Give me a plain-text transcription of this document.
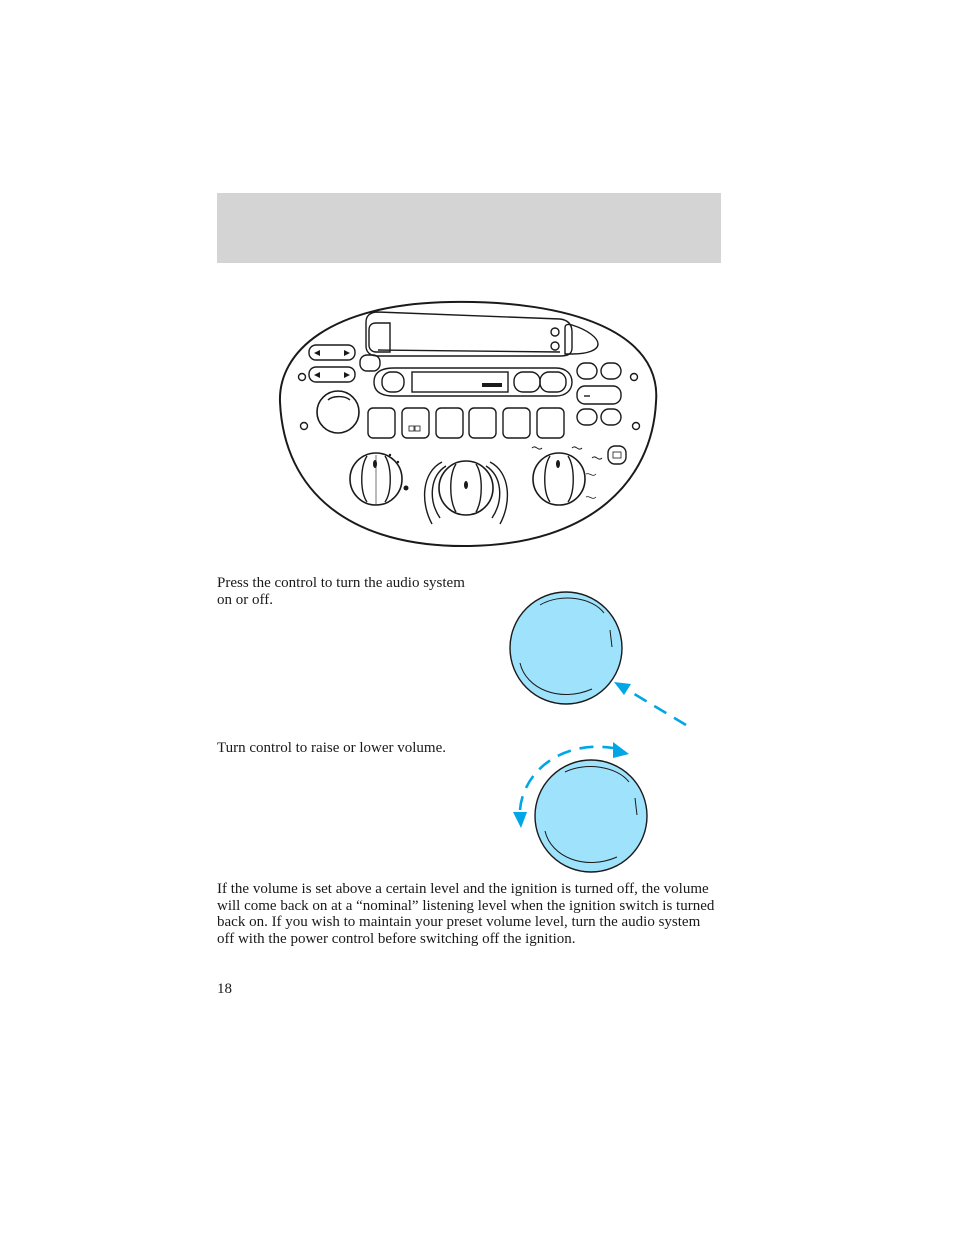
Press the control to turn the audio system on or off.

Turn control to raise or lower volume.

If the volume is set above a certain level and the ignition is turned off, the volume will come back on at a “nominal” listening level when the ignition switch is turned back on. If you wish to maintain your preset volume level, turn the audio system off with the power control before switching off the ignition.

18
